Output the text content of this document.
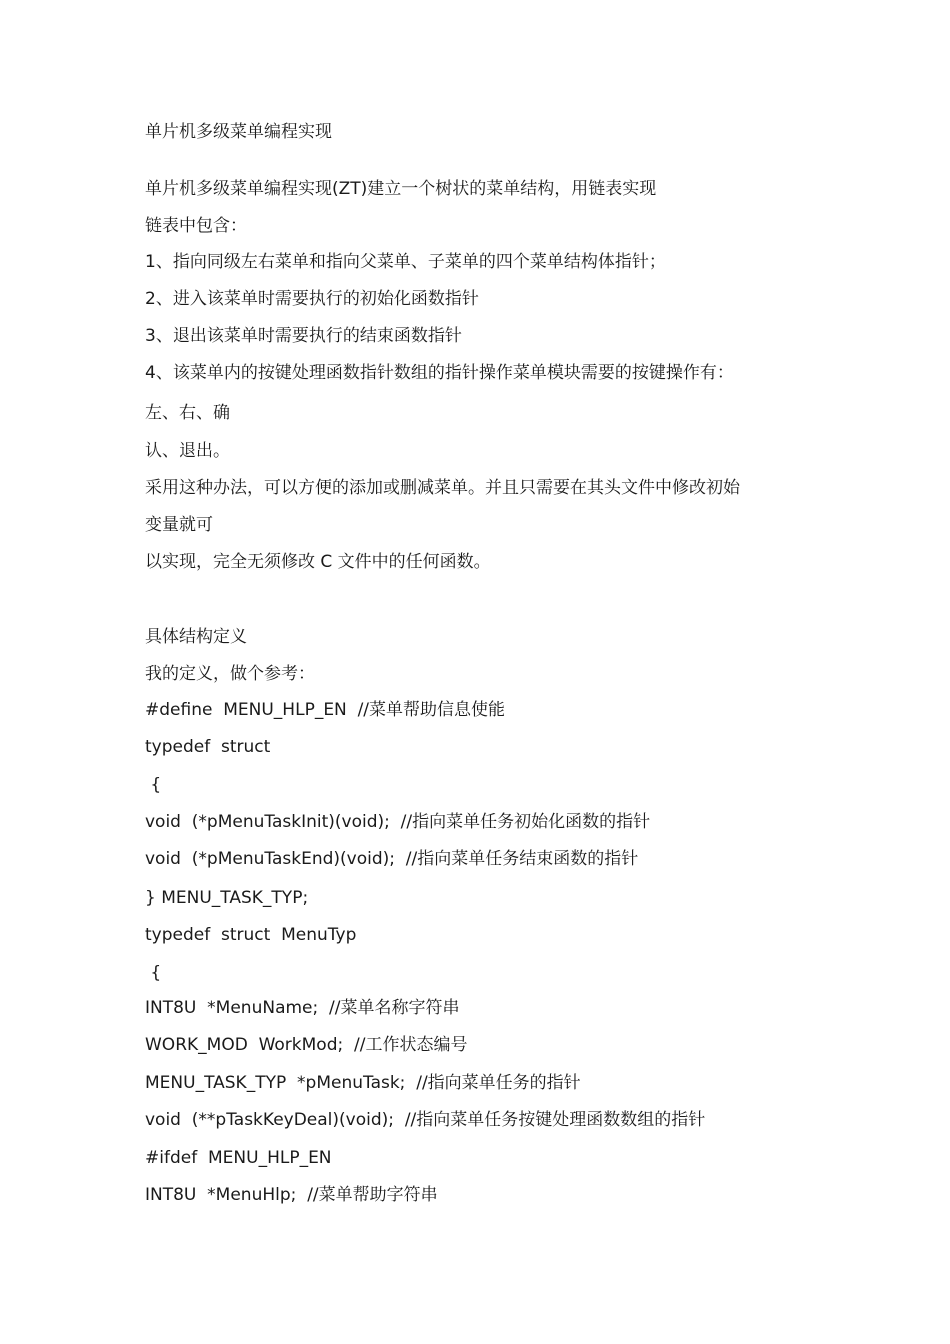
单片机多级菜单编程实现
单片机多级菜单编程实现(ZT)建立一个树状的菜单结构，用链表实现
链表中包含：
1、指向同级左右菜单和指向父菜单、子菜单的四个菜单结构体指针；
2、进入该菜单时需要执行的初始化函数指针
3、退出该菜单时需要执行的结束函数指针
4、该菜单内的按键处理函数指针数组的指针操作菜单模块需要的按键操作有：
左、右、确
认、退出。
采用这种办法，可以方便的添加或删减菜单。并且只需要在其头文件中修改初始
变量就可
以实现，完全无须修改 C 文件中的任何函数。
具体结构定义
我的定义，做个参考：
#define  MENU_HLP_EN  //菜单帮助信息使能
typedef  struct
{
void  (*pMenuTaskInit)(void);  //指向菜单任务初始化函数的指针
void  (*pMenuTaskEnd)(void);  //指向菜单任务结束函数的指针
} MENU_TASK_TYP;
typedef  struct  MenuTyp
{
INT8U  *MenuName;  //菜单名称字符串
WORK_MOD  WorkMod;  //工作状态编号
MENU_TASK_TYP  *pMenuTask;  //指向菜单任务的指针
void  (**pTaskKeyDeal)(void);  //指向菜单任务按键处理函数数组的指针
#ifdef  MENU_HLP_EN
INT8U  *MenuHlp;  //菜单帮助字符串
